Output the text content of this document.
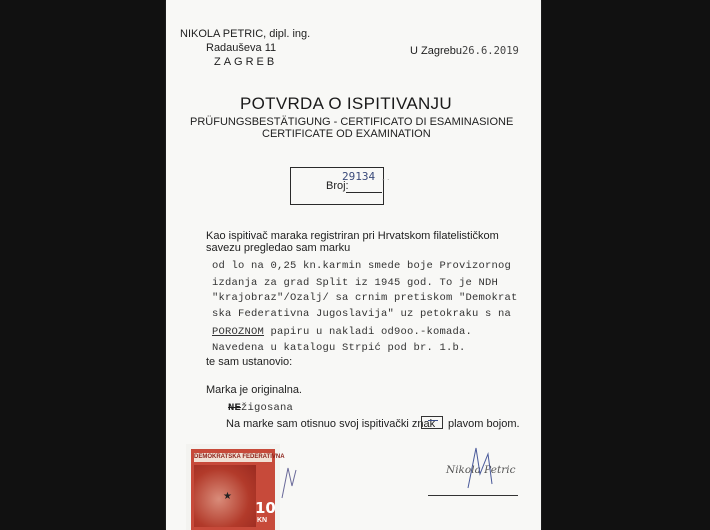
NIKOLA PETRIC, dipl. ing.
Radauševa 11
ZAGREB
U Zagrebu26.6.2019
POTVRDA O ISPITIVANJU
PRÜFUNGSBESTÄTIGUNG - CERTIFICATO DI ESAMINASIONE
CERTIFICATE OD EXAMINATION
29134 - ·
Broj:
Kao ispitivač maraka registriran pri Hrvatskom filatelističkom
savezu pregledao sam marku
od lo na 0,25 kn.karmin smede boje Provizornog
izdanja za grad Split iz 1945 god. To je NDH
"krajobraz"/Ozalj/ sa crnim pretiskom "Demokrat
ska Federativna Jugoslavija" uz petokraku s na
POROZNOM papiru u nakladi od9oo.-komada.
Navedena u katalogu Strpić pod br. 1.b.
te sam ustanovio:
Marka je originalna.
NEžigosana
Na marke sam otisnuo svoj ispitivački znak plavom bojom.
Nikola Petric
DEMOKRATSKA FEDERATIVNA
★
10
KN
